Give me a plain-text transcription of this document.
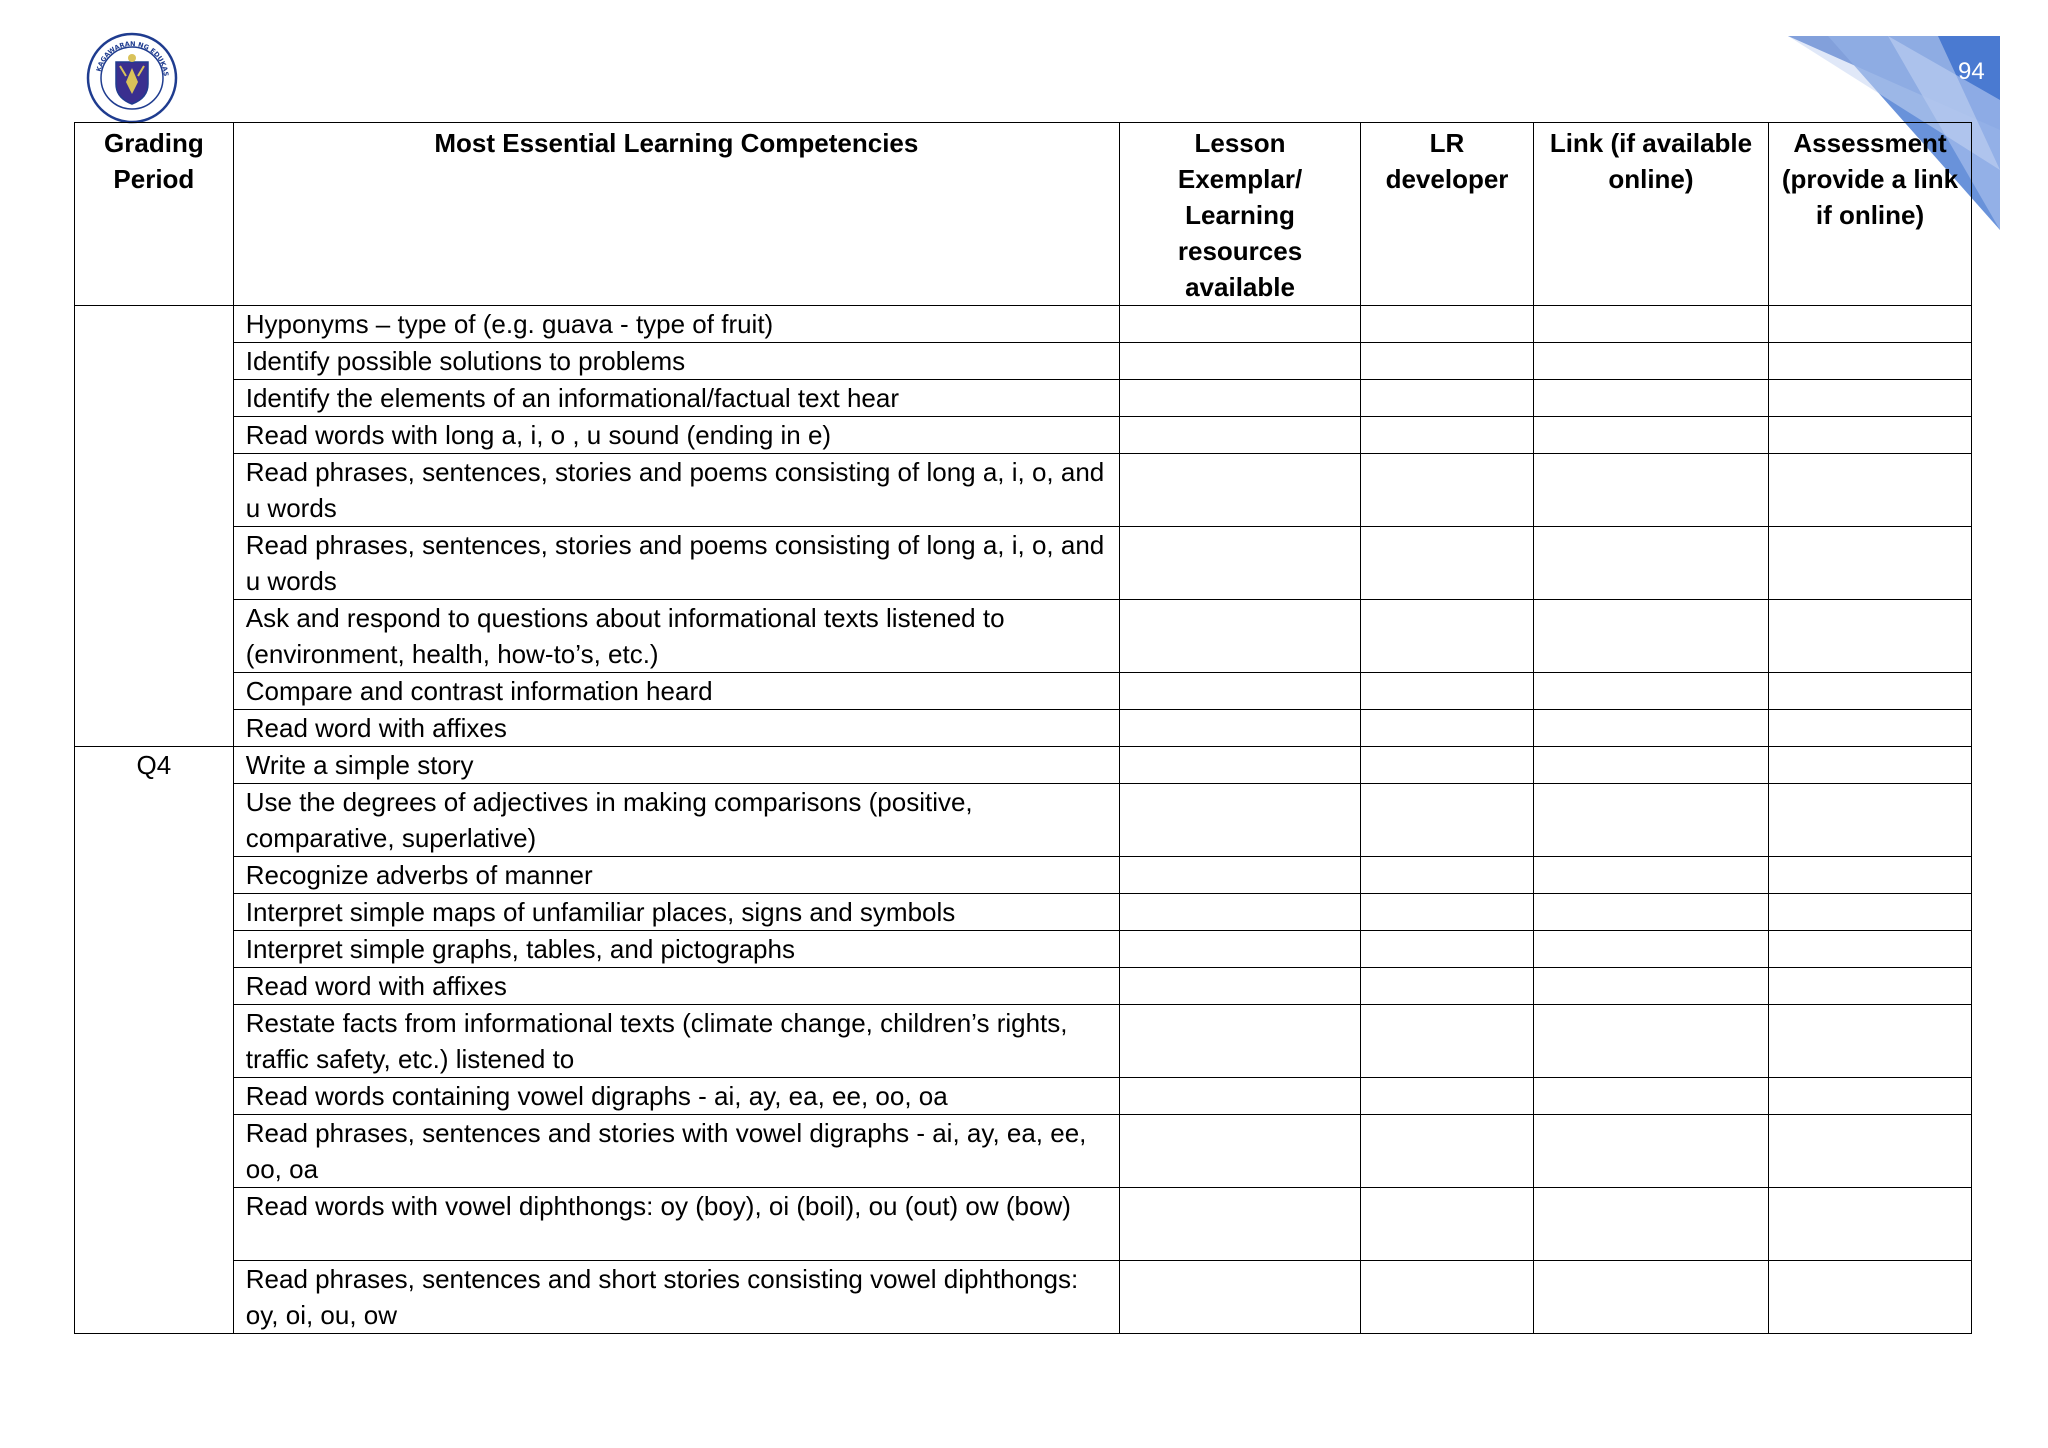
KAGAWARAN NG EDUKAS	94
Grading Period	Most Essential Learning Competencies	Lesson Exemplar/ Learning resources available	LR developer	Link (if available online)	Assessment (provide a link if online)
	Hyponyms – type of (e.g. guava - type of fruit)				
	Identify possible solutions to problems				
	Identify the elements of an informational/factual text hear				
	Read words with long a, i, o , u sound (ending in e)				
	Read phrases, sentences, stories and poems consisting of long a, i, o, and u words				
	Read phrases, sentences, stories and poems consisting of long a, i, o, and u words				
	Ask and respond to questions about informational texts listened to (environment, health, how-to’s, etc.)				
	Compare and contrast information heard				
	Read word with affixes				
Q4	Write a simple story				
	Use the degrees of adjectives in making comparisons (positive, comparative, superlative)				
	Recognize adverbs of manner				
	Interpret simple maps of unfamiliar places, signs and symbols				
	Interpret simple graphs, tables, and pictographs				
	Read word with affixes				
	Restate facts from informational texts (climate change, children’s rights, traffic safety, etc.) listened to				
	Read words containing vowel digraphs - ai, ay, ea, ee, oo, oa				
	Read phrases, sentences and stories with vowel digraphs - ai, ay, ea, ee, oo, oa				
	Read words with vowel diphthongs: oy (boy), oi (boil), ou (out) ow (bow)				
	Read phrases, sentences and short stories consisting vowel diphthongs: oy, oi, ou, ow				
